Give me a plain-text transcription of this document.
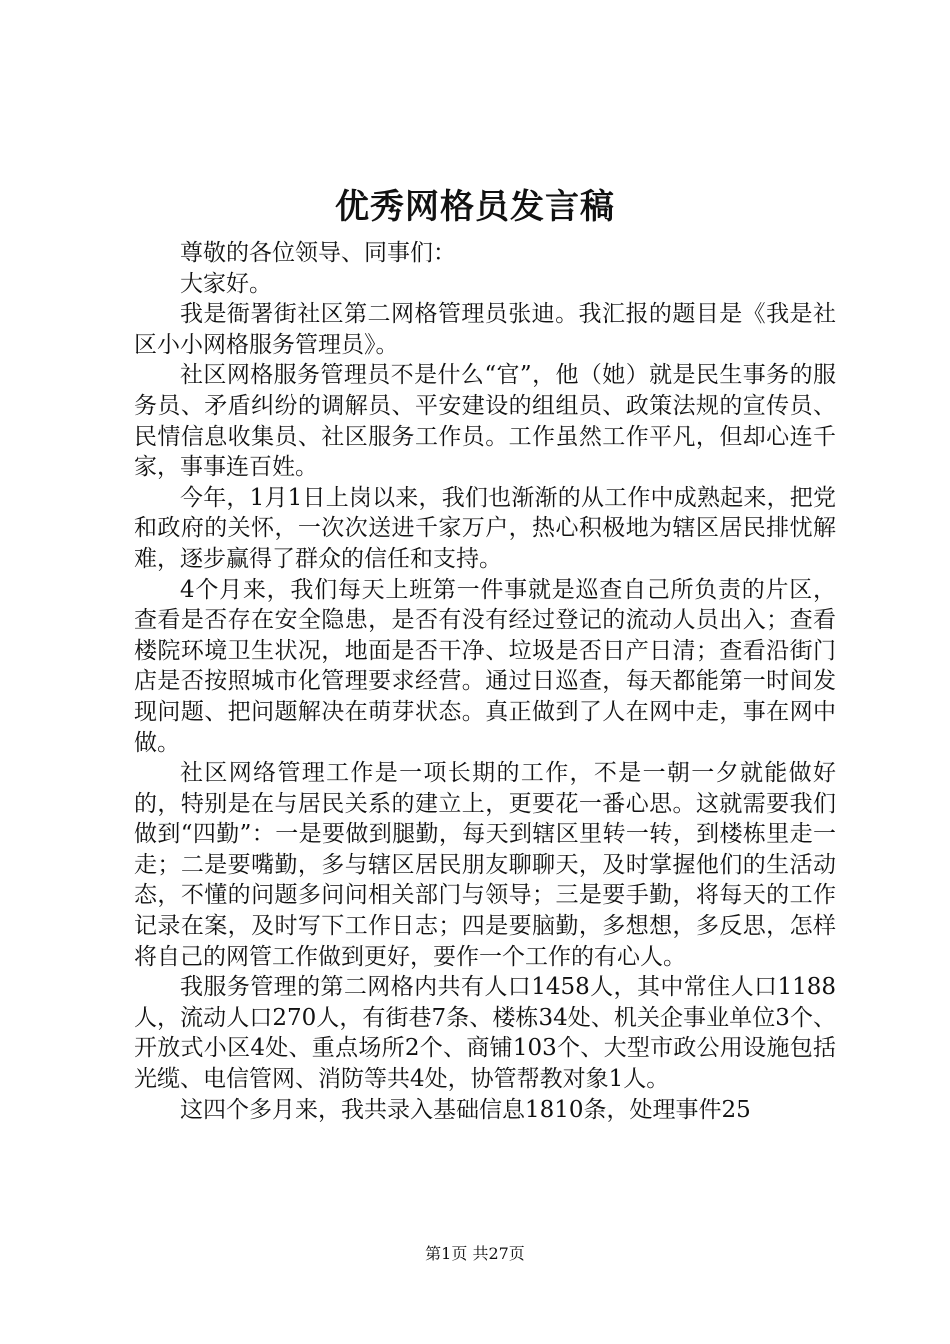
优秀网格员发言稿

尊敬的各位领导、同事们：

大家好。

我是衙署街社区第二网格管理员张迪。我汇报的题目是《我是社区小小网格服务管理员》。

社区网格服务管理员不是什么“官”，他（她）就是民生事务的服务员、矛盾纠纷的调解员、平安建设的组组员、政策法规的宣传员、民情信息收集员、社区服务工作员。工作虽然工作平凡，但却心连千家，事事连百姓。

今年，1月1日上岗以来，我们也渐渐的从工作中成熟起来，把党和政府的关怀，一次次送进千家万户，热心积极地为辖区居民排忧解难，逐步赢得了群众的信任和支持。

4个月来，我们每天上班第一件事就是巡查自己所负责的片区，查看是否存在安全隐患，是否有没有经过登记的流动人员出入；查看楼院环境卫生状况，地面是否干净、垃圾是否日产日清；查看沿街门店是否按照城市化管理要求经营。通过日巡查，每天都能第一时间发现问题、把问题解决在萌芽状态。真正做到了人在网中走，事在网中做。

社区网络管理工作是一项长期的工作，不是一朝一夕就能做好的，特别是在与居民关系的建立上，更要花一番心思。这就需要我们做到“四勤”：一是要做到腿勤，每天到辖区里转一转，到楼栋里走一走；二是要嘴勤，多与辖区居民朋友聊聊天，及时掌握他们的生活动态，不懂的问题多问问相关部门与领导；三是要手勤，将每天的工作记录在案，及时写下工作日志；四是要脑勤，多想想，多反思，怎样将自己的网管工作做到更好，要作一个工作的有心人。

我服务管理的第二网格内共有人口1458人，其中常住人口1188人，流动人口270人，有街巷7条、楼栋34处、机关企事业单位3个、开放式小区4处、重点场所2个、商铺103个、大型市政公用设施包括光缆、电信管网、消防等共4处，协管帮教对象1人。

这四个多月来，我共录入基础信息1810条，处理事件25

第1页 共27页
